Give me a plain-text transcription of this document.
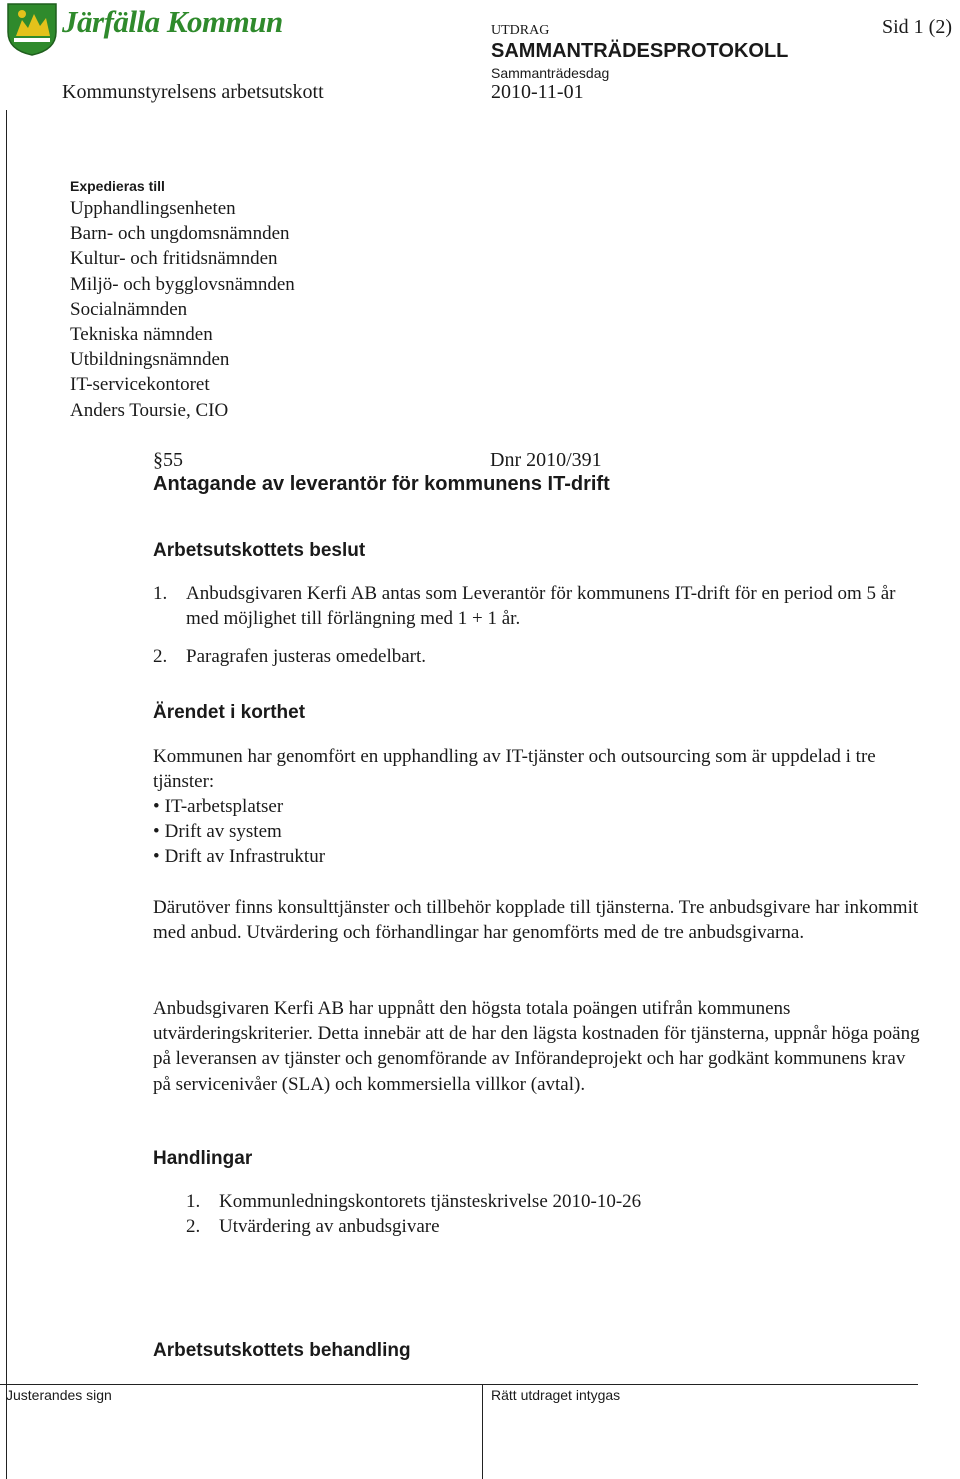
Järfälla Kommun	UTDRAG
SAMMANTRÄDESPROTOKOLL
Sammanträdesdag
Sid 1 (2)
Kommunstyrelsens arbetsutskott	2010-11-01
Expedieras till
Upphandlingsenheten
Barn- och ungdomsnämnden
Kultur- och fritidsnämnden
Miljö- och bygglovsnämnden
Socialnämnden
Tekniska nämnden
Utbildningsnämnden
IT-servicekontoret
Anders Toursie, CIO
§55	Dnr 2010/391
Antagande av leverantör för kommunens IT-drift
Arbetsutskottets beslut
1. Anbudsgivaren Kerfi AB antas som Leverantör för kommunens IT-drift för en period om 5 år med möjlighet till förlängning med 1 + 1 år.
2. Paragrafen justeras omedelbart.
Ärendet i korthet
Kommunen har genomfört en upphandling av IT-tjänster och outsourcing som är uppdelad i tre tjänster:
• IT-arbetsplatser
• Drift av system
• Drift av Infrastruktur
Därutöver finns konsulttjänster och tillbehör kopplade till tjänsterna. Tre anbudsgivare har inkommit med anbud. Utvärdering och förhandlingar har genomförts med de tre anbudsgivarna.
Anbudsgivaren Kerfi AB har uppnått den högsta totala poängen utifrån kommunens utvärderingskriterier. Detta innebär att de har den lägsta kostnaden för tjänsterna, uppnår höga poäng på leveransen av tjänster och genomförande av Införandeprojekt och har godkänt kommunens krav på servicenivåer (SLA) och kommersiella villkor (avtal).
Handlingar
1. Kommunledningskontorets tjänsteskrivelse 2010-10-26
2. Utvärdering av anbudsgivare
Arbetsutskottets behandling
Justerandes sign	Rätt utdraget intygas
